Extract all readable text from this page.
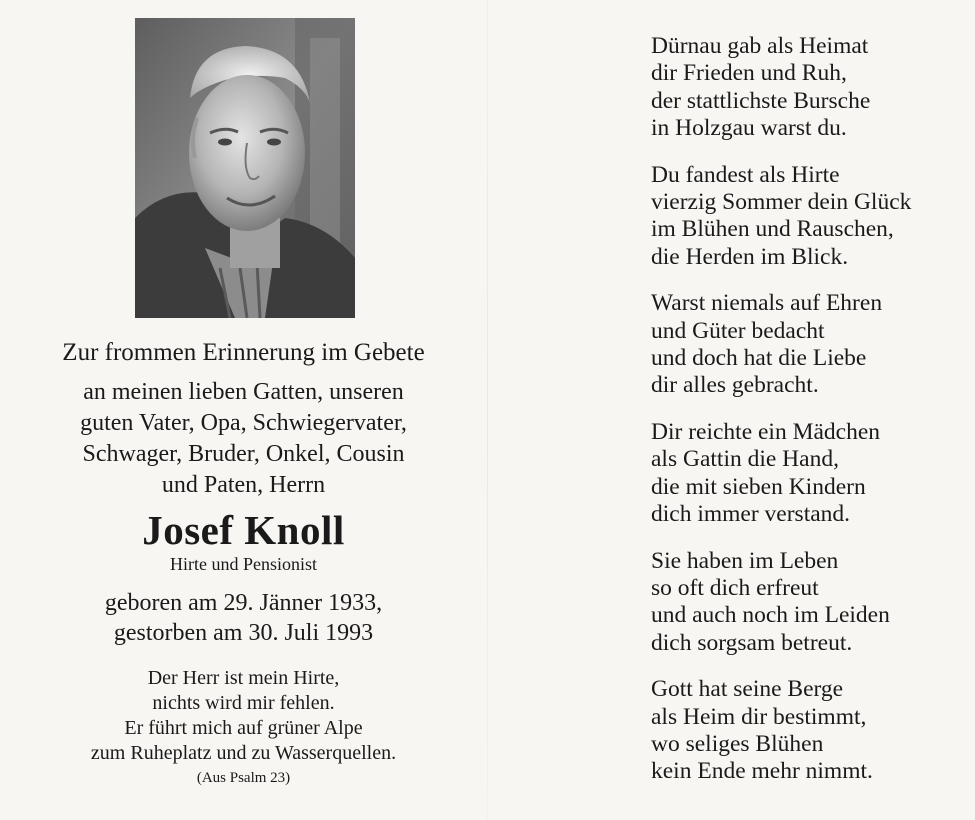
Zur frommen Erinnerung im Gebete
an meinen lieben Gatten, unseren
guten Vater, Opa, Schwiegervater,
Schwager, Bruder, Onkel, Cousin
und Paten, Herrn
Josef Knoll
Hirte und Pensionist
geboren am 29. Jänner 1933,
gestorben am 30. Juli 1993
Der Herr ist mein Hirte,
nichts wird mir fehlen.
Er führt mich auf grüner Alpe
zum Ruheplatz und zu Wasserquellen.
(Aus Psalm 23)
Dürnau gab als Heimat
dir Frieden und Ruh,
der stattlichste Bursche
in Holzgau warst du.
Du fandest als Hirte
vierzig Sommer dein Glück
im Blühen und Rauschen,
die Herden im Blick.
Warst niemals auf Ehren
und Güter bedacht
und doch hat die Liebe
dir alles gebracht.
Dir reichte ein Mädchen
als Gattin die Hand,
die mit sieben Kindern
dich immer verstand.
Sie haben im Leben
so oft dich erfreut
und auch noch im Leiden
dich sorgsam betreut.
Gott hat seine Berge
als Heim dir bestimmt,
wo seliges Blühen
kein Ende mehr nimmt.
